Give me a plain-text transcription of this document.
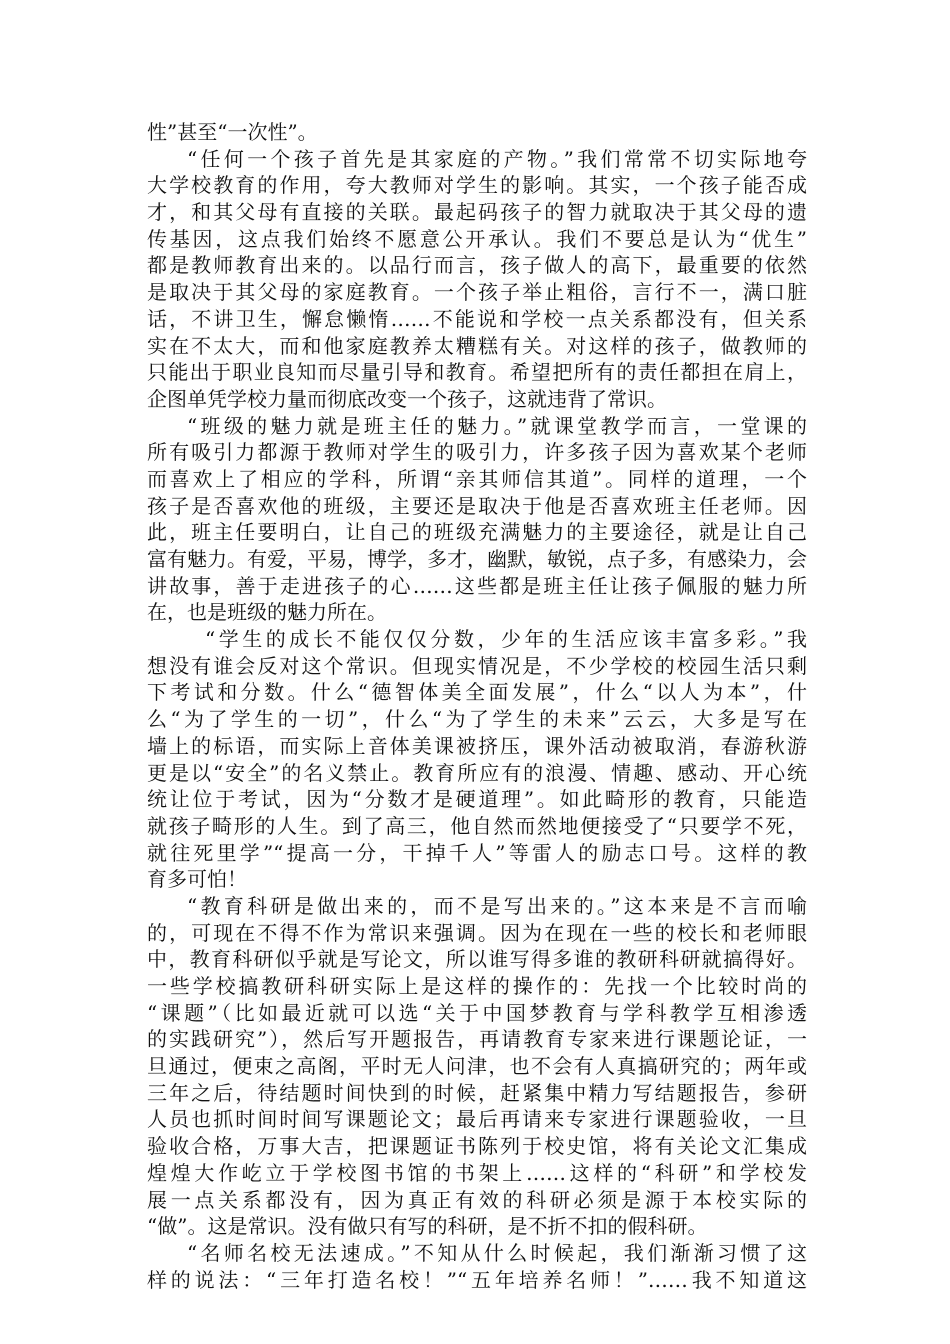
性”甚至“一次性”。
“任何一个孩子首先是其家庭的产物。”我们常常不切实际地夸
大学校教育的作用，夸大教师对学生的影响。其实，一个孩子能否成
才，和其父母有直接的关联。最起码孩子的智力就取决于其父母的遗
传基因，这点我们始终不愿意公开承认。我们不要总是认为“优生”
都是教师教育出来的。以品行而言，孩子做人的高下，最重要的依然
是取决于其父母的家庭教育。一个孩子举止粗俗，言行不一，满口脏
话，不讲卫生，懈怠懒惰……不能说和学校一点关系都没有，但关系
实在不太大，而和他家庭教养太糟糕有关。对这样的孩子，做教师的
只能出于职业良知而尽量引导和教育。希望把所有的责任都担在肩上，
企图单凭学校力量而彻底改变一个孩子，这就违背了常识。
“班级的魅力就是班主任的魅力。”就课堂教学而言，一堂课的
所有吸引力都源于教师对学生的吸引力，许多孩子因为喜欢某个老师
而喜欢上了相应的学科，所谓“亲其师信其道”。同样的道理，一个
孩子是否喜欢他的班级，主要还是取决于他是否喜欢班主任老师。因
此，班主任要明白，让自己的班级充满魅力的主要途径，就是让自己
富有魅力。有爱，平易，博学，多才，幽默，敏锐，点子多，有感染力，会
讲故事，善于走进孩子的心……这些都是班主任让孩子佩服的魅力所
在，也是班级的魅力所在。
“学生的成长不能仅仅分数，少年的生活应该丰富多彩。”我
想没有谁会反对这个常识。但现实情况是，不少学校的校园生活只剩
下考试和分数。什么“德智体美全面发展”，什么“以人为本”，什
么“为了学生的一切”，什么“为了学生的未来”云云，大多是写在
墙上的标语，而实际上音体美课被挤压，课外活动被取消，春游秋游
更是以“安全”的名义禁止。教育所应有的浪漫、情趣、感动、开心统
统让位于考试，因为“分数才是硬道理”。如此畸形的教育，只能造
就孩子畸形的人生。到了高三，他自然而然地便接受了“只要学不死，
就往死里学”“提高一分，干掉千人”等雷人的励志口号。这样的教
育多可怕！
“教育科研是做出来的，而不是写出来的。”这本来是不言而喻
的，可现在不得不作为常识来强调。因为在现在一些的校长和老师眼
中，教育科研似乎就是写论文，所以谁写得多谁的教研科研就搞得好。
一些学校搞教研科研实际上是这样的操作的：先找一个比较时尚的
“课题”（比如最近就可以选“关于中国梦教育与学科教学互相渗透
的实践研究”），然后写开题报告，再请教育专家来进行课题论证，一
旦通过，便束之高阁，平时无人问津，也不会有人真搞研究的；两年或
三年之后，待结题时间快到的时候，赶紧集中精力写结题报告，参研
人员也抓时间时间写课题论文；最后再请来专家进行课题验收，一旦
验收合格，万事大吉，把课题证书陈列于校史馆，将有关论文汇集成
煌煌大作屹立于学校图书馆的书架上……这样的“科研”和学校发
展一点关系都没有，因为真正有效的科研必须是源于本校实际的
“做”。这是常识。没有做只有写的科研，是不折不扣的假科研。
“名师名校无法速成。”不知从什么时候起，我们渐渐习惯了这
样的说法：“三年打造名校！”“五年培养名师！”……我不知道这
